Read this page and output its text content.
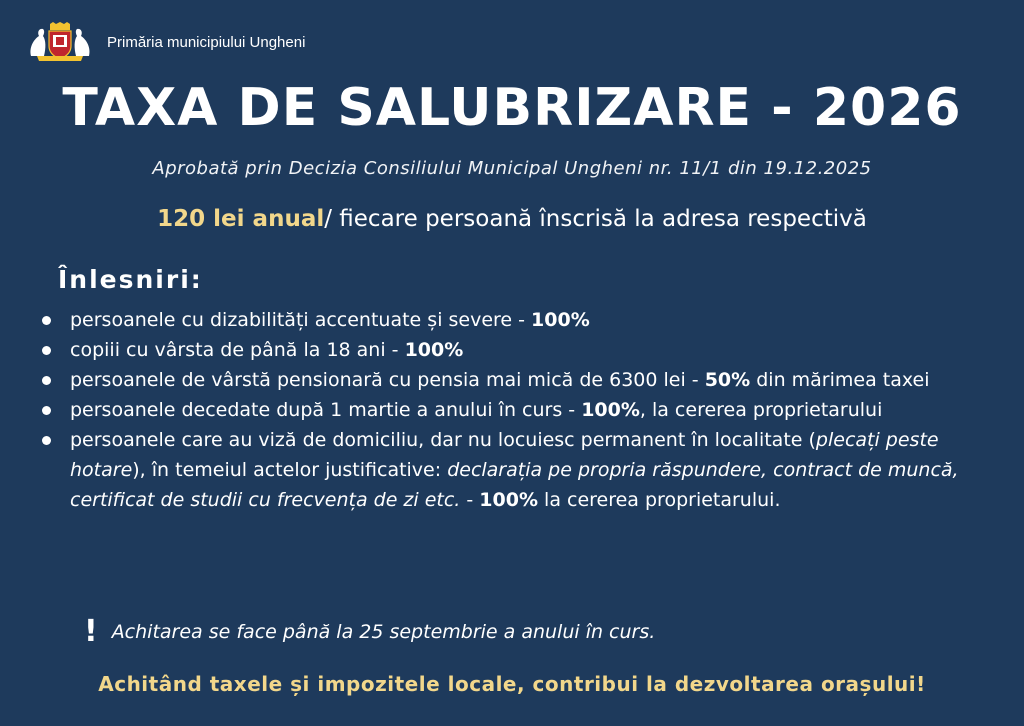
Primăria municipiului Ungheni
TAXA DE SALUBRIZARE - 2026
Aprobată prin Decizia Consiliului Municipal Ungheni nr. 11/1 din 19.12.2025
120 lei anual/ fiecare persoană înscrisă la adresa respectivă
Înlesniri:
persoanele cu dizabilități accentuate și severe - 100%
copiii cu vârsta de până la 18 ani - 100%
persoanele de vârstă pensionară cu pensia mai mică de 6300 lei - 50% din mărimea taxei
persoanele decedate după 1 martie a anului în curs - 100%, la cererea proprietarului
persoanele care au viză de domiciliu, dar nu locuiesc permanent în localitate (plecați peste hotare), în temeiul actelor justificative: declarația pe propria răspundere, contract de muncă, certificat de studii cu frecvența de zi etc. - 100% la cererea proprietarului.
! Achitarea se face până la 25 septembrie a anului în curs.
Achitând taxele și impozitele locale, contribui la dezvoltarea orașului!
